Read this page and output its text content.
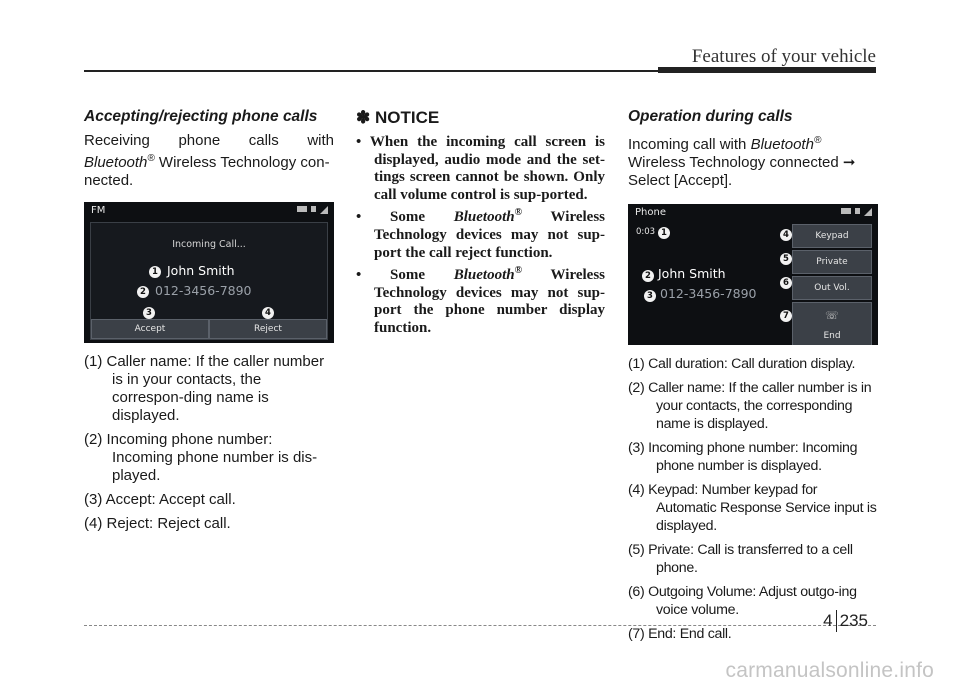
Features of your vehicle

Accepting/rejecting phone calls

Receiving phone calls with

Bluetooth® Wireless Technology con-

nected.

FM
Incoming Call...
1 John Smith
2 012-3456-7890
3	4
Accept	Reject
(1) Caller name: If the caller number is in your contacts, the correspon-ding name is displayed.
(2) Incoming phone number: Incoming phone number is dis-played.
(3) Accept: Accept call.
(4) Reject: Reject call.

✽ NOTICE

• When the incoming call screen is displayed, audio mode and the set-tings screen cannot be shown. Only call volume control is sup-ported.
• Some Bluetooth® Wireless Technology devices may not sup-port the call reject function.
• Some Bluetooth® Wireless Technology devices may not sup-port the phone number display function.

Operation during calls

Incoming call with Bluetooth®

Wireless Technology connected ➞

Select [Accept].

Phone
0:03 1
2 John Smith
3 012-3456-7890
4
5
6
7
Keypad
Private
Out Vol.
☏
End
(1) Call duration: Call duration display.
(2) Caller name: If the caller number is in your contacts, the corresponding name is displayed.
(3) Incoming phone number: Incoming phone number is displayed.
(4) Keypad: Number keypad for Automatic Response Service input is displayed.
(5) Private: Call is transferred to a cell phone.
(6) Outgoing Volume: Adjust outgo-ing voice volume.
(7) End: End call.
4 235
carmanualsonline.info
